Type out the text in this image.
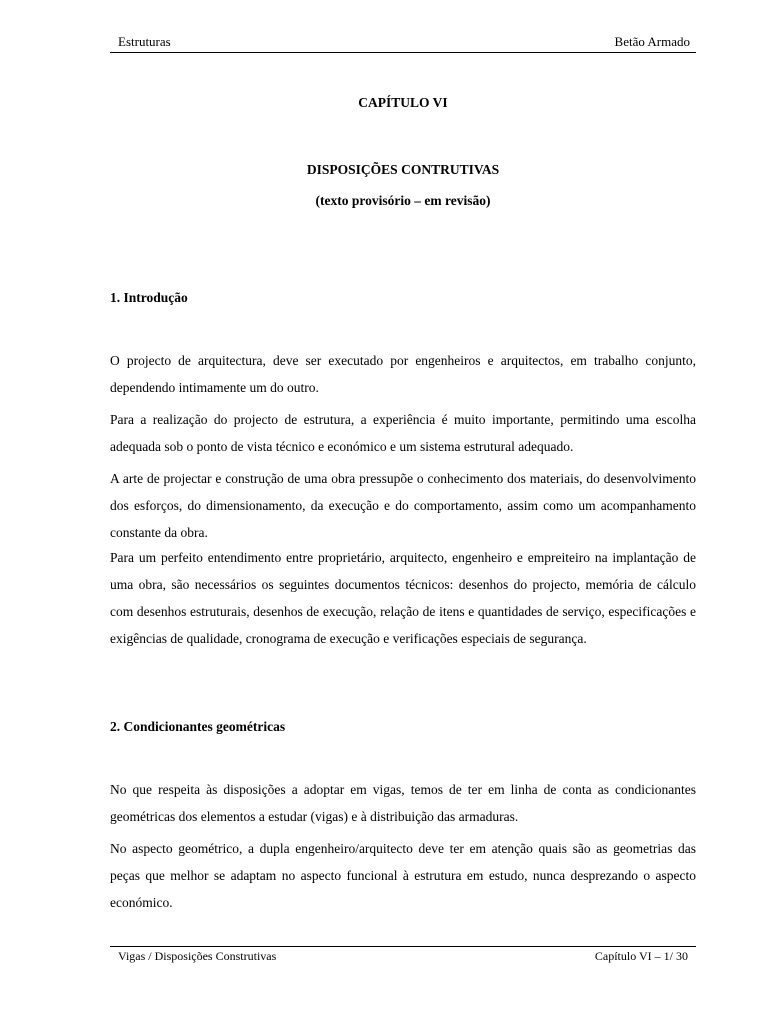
Estruturas	Betão Armado
CAPÍTULO VI
DISPOSIÇÕES CONTRUTIVAS
(texto provisório – em revisão)
1. Introdução

O projecto de arquitectura, deve ser executado por engenheiros e arquitectos, em trabalho conjunto, dependendo intimamente um do outro.

Para a realização do projecto de estrutura, a experiência é muito importante, permitindo uma escolha adequada sob o ponto de vista técnico e económico e um sistema estrutural adequado.

A arte de projectar e construção de uma obra pressupõe o conhecimento dos materiais, do desenvolvimento dos esforços, do dimensionamento, da execução e do comportamento, assim como um acompanhamento constante da obra.

Para um perfeito entendimento entre proprietário, arquitecto, engenheiro e empreiteiro na implantação de uma obra, são necessários os seguintes documentos técnicos: desenhos do projecto, memória de cálculo com desenhos estruturais, desenhos de execução, relação de itens e quantidades de serviço, especificações e exigências de qualidade, cronograma de execução e verificações especiais de segurança.

2. Condicionantes geométricas

No que respeita às disposições a adoptar em vigas, temos de ter em linha de conta as condicionantes geométricas dos elementos a estudar (vigas) e à distribuição das armaduras.

No aspecto geométrico, a dupla engenheiro/arquitecto deve ter em atenção quais são as geometrias das peças que melhor se adaptam no aspecto funcional à estrutura em estudo, nunca desprezando o aspecto económico.

Vigas / Disposições Construtivas	Capítulo VI – 1/ 30
